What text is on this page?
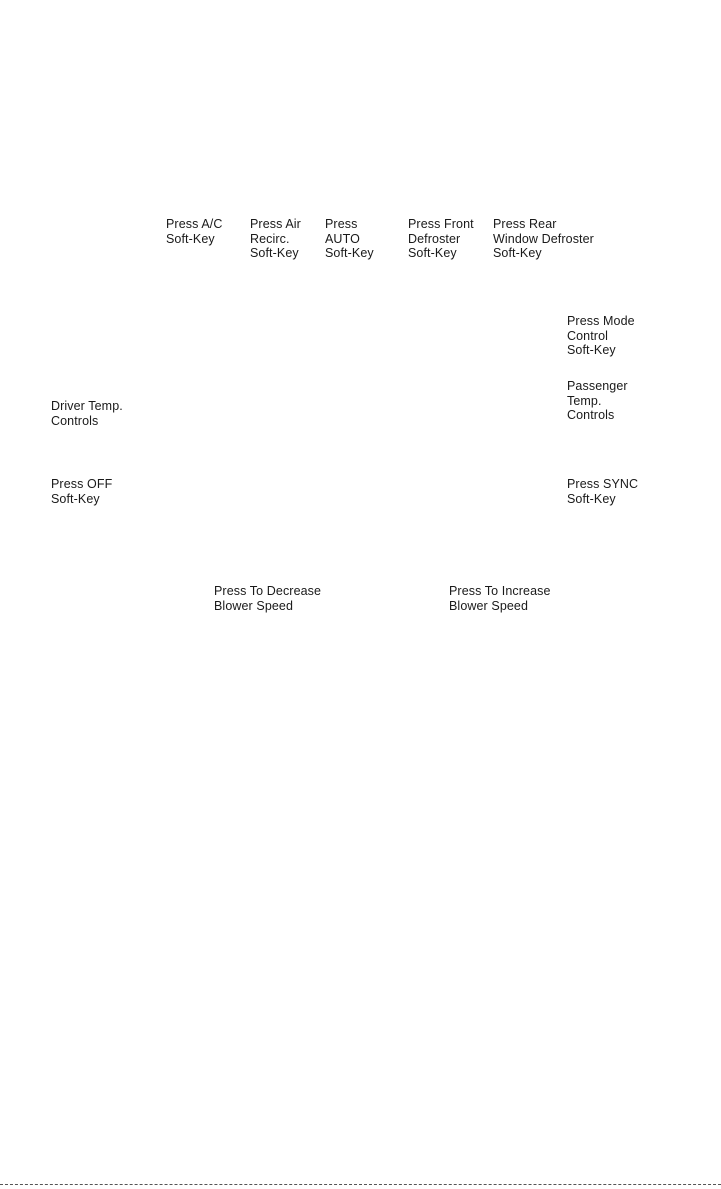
Press A/C
Soft-Key
Press Air
Recirc.
Soft-Key
Press
AUTO
Soft-Key
Press Front
Defroster
Soft-Key
Press Rear
Window Defroster
Soft-Key
Press Mode
Control
Soft-Key
Passenger
Temp.
Controls
Driver Temp.
Controls
Press OFF
Soft-Key
Press SYNC
Soft-Key
Press To Decrease
Blower Speed
Press To Increase
Blower Speed
